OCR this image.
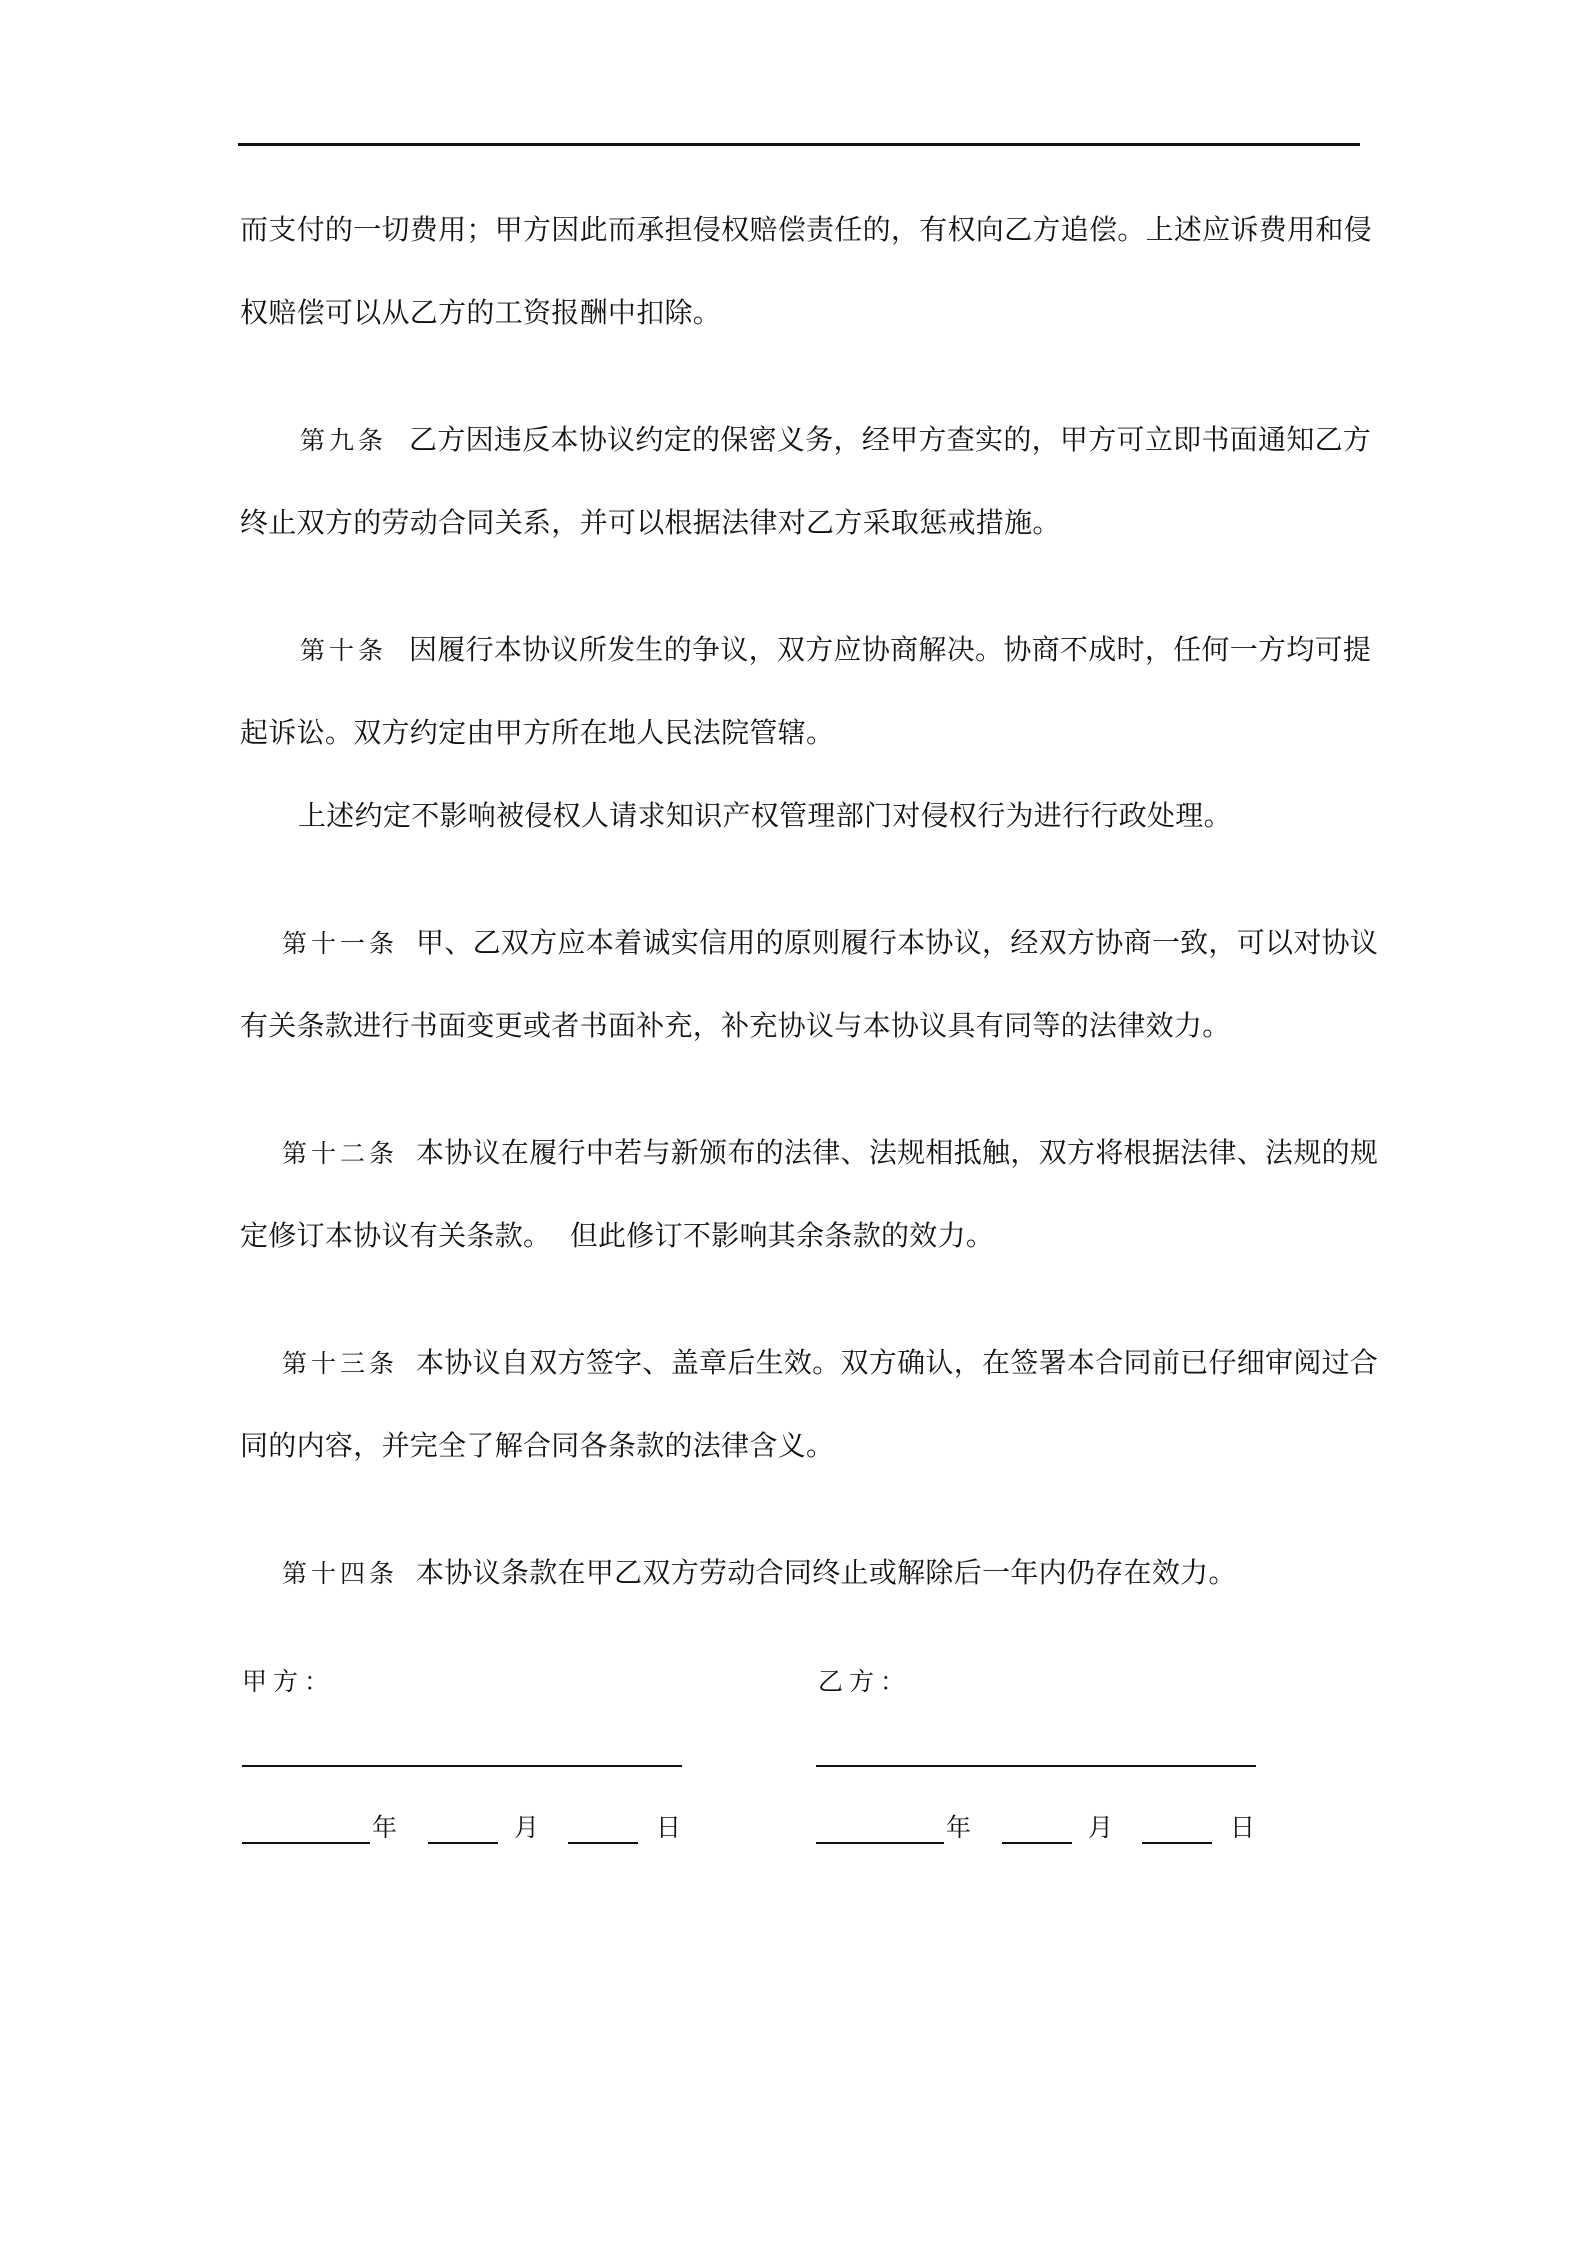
而支付的一切费用；甲方因此而承担侵权赔偿责任的，有权向乙方追偿。上述应诉费用和侵
权赔偿可以从乙方的工资报酬中扣除。
第九条 乙方因违反本协议约定的保密义务，经甲方查实的，甲方可立即书面通知乙方
终止双方的劳动合同关系，并可以根据法律对乙方采取惩戒措施。
第十条 因履行本协议所发生的争议，双方应协商解决。协商不成时，任何一方均可提
起诉讼。双方约定由甲方所在地人民法院管辖。
上述约定不影响被侵权人请求知识产权管理部门对侵权行为进行行政处理。
第十一条 甲、乙双方应本着诚实信用的原则履行本协议，经双方协商一致，可以对协议
有关条款进行书面变更或者书面补充，补充协议与本协议具有同等的法律效力。
第十二条 本协议在履行中若与新颁布的法律、法规相抵触，双方将根据法律、法规的规
定修订本协议有关条款。  但此修订不影响其余条款的效力。
第十三条 本协议自双方签字、盖章后生效。双方确认，在签署本合同前已仔细审阅过合
同的内容，并完全了解合同各条款的法律含义。
第十四条 本协议条款在甲乙双方劳动合同终止或解除后一年内仍存在效力。
甲方：
年	月	日
乙方：
年	月	日
